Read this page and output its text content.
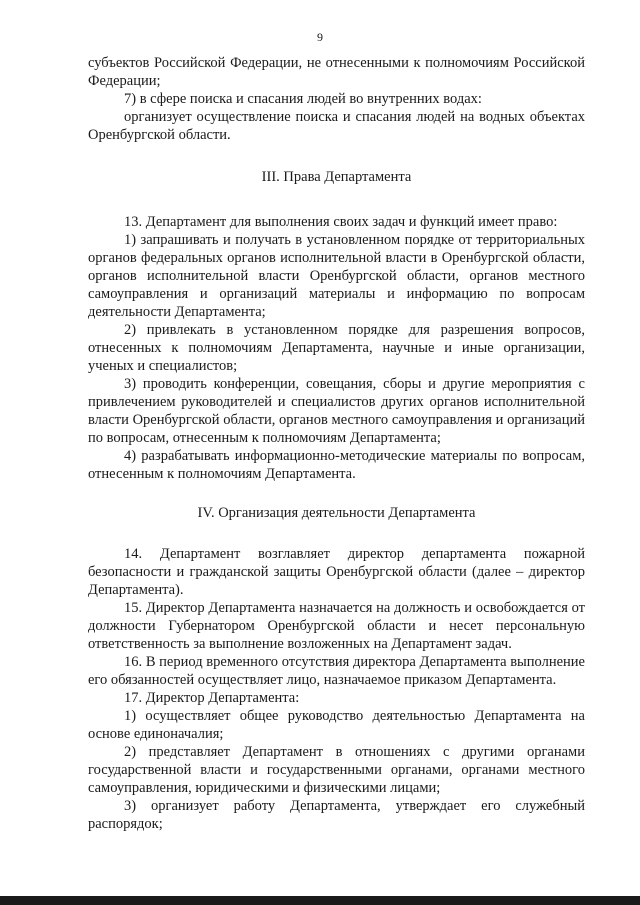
9

субъектов Российской Федерации, не отнесенными к полномочиям Российской Федерации;

7) в сфере поиска и спасания людей во внутренних водах:

организует осуществление поиска и спасания людей на водных объектах Оренбургской области.

III. Права Департамента

13. Департамент для выполнения своих задач и функций имеет право:

1) запрашивать и получать в установленном порядке от территориальных органов федеральных органов исполнительной власти в Оренбургской области, органов исполнительной власти Оренбургской области, органов местного самоуправления и организаций материалы и информацию по вопросам деятельности Департамента;

2) привлекать в установленном порядке для разрешения вопросов, отнесенных к полномочиям Департамента, научные и иные организации, ученых и специалистов;

3) проводить конференции, совещания, сборы и другие мероприятия с привлечением руководителей и специалистов других органов исполнительной власти Оренбургской области, органов местного самоуправления и организаций по вопросам, отнесенным к полномочиям Департамента;

4) разрабатывать информационно-методические материалы по вопросам, отнесенным к полномочиям Департамента.

IV. Организация деятельности Департамента

14. Департамент возглавляет директор департамента пожарной безопасности и гражданской защиты Оренбургской области (далее – директор Департамента).

15. Директор Департамента назначается на должность и освобождается от должности Губернатором Оренбургской области и несет персональную ответственность за выполнение возложенных на Департамент задач.

16. В период временного отсутствия директора Департамента выполнение его обязанностей осуществляет лицо, назначаемое приказом Департамента.

17. Директор Департамента:

1) осуществляет общее руководство деятельностью Департамента на основе единоначалия;

2) представляет Департамент в отношениях с другими органами государственной власти и государственными органами, органами местного самоуправления, юридическими и физическими лицами;

3) организует работу Департамента, утверждает его служебный распорядок;
